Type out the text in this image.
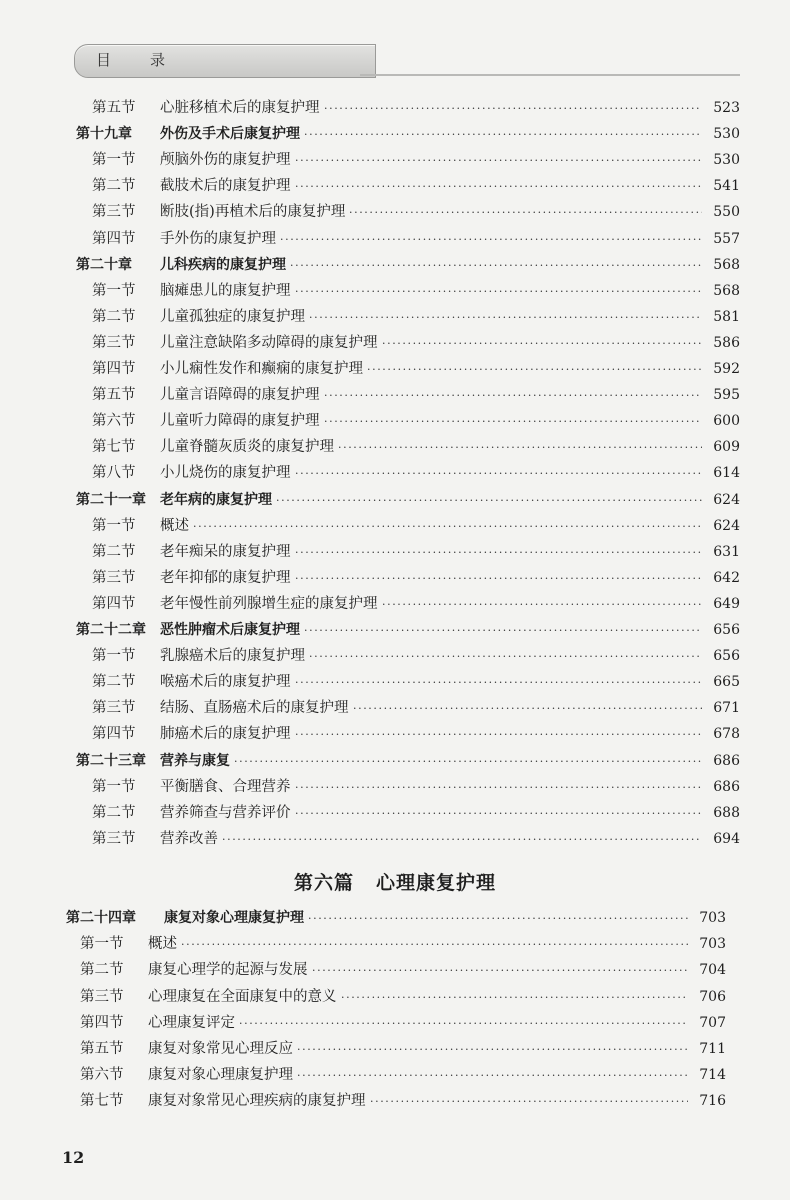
目　录
第五节 心脏移植术后的康复护理 ·····	523
第十九章 外伤及手术后康复护理 ·····	530
第一节 颅脑外伤的康复护理 ·····	530
第二节 截肢术后的康复护理 ·····	541
第三节 断肢(指)再植术后的康复护理 ·····	550
第四节 手外伤的康复护理 ·····	557
第二十章 儿科疾病的康复护理 ·····	568
第一节 脑瘫患儿的康复护理 ·····	568
第二节 儿童孤独症的康复护理 ·····	581
第三节 儿童注意缺陷多动障碍的康复护理 ·····	586
第四节 小儿痫性发作和癫痫的康复护理 ·····	592
第五节 儿童言语障碍的康复护理 ·····	595
第六节 儿童听力障碍的康复护理 ·····	600
第七节 儿童脊髓灰质炎的康复护理 ·····	609
第八节 小儿烧伤的康复护理 ·····	614
第二十一章 老年病的康复护理 ·····	624
第一节 概述 ·····	624
第二节 老年痴呆的康复护理 ·····	631
第三节 老年抑郁的康复护理 ·····	642
第四节 老年慢性前列腺增生症的康复护理 ·····	649
第二十二章 恶性肿瘤术后康复护理 ·····	656
第一节 乳腺癌术后的康复护理 ·····	656
第二节 喉癌术后的康复护理 ·····	665
第三节 结肠、直肠癌术后的康复护理 ·····	671
第四节 肺癌术后的康复护理 ·····	678
第二十三章 营养与康复 ·····	686
第一节 平衡膳食、合理营养 ·····	686
第二节 营养筛查与营养评价 ·····	688
第三节 营养改善 ·····	694
第六篇 心理康复护理
第二十四章 康复对象心理康复护理 ·····	703
第一节 概述 ·····	703
第二节 康复心理学的起源与发展 ·····	704
第三节 心理康复在全面康复中的意义 ·····	706
第四节 心理康复评定 ·····	707
第五节 康复对象常见心理反应 ·····	711
第六节 康复对象心理康复护理 ·····	714
第七节 康复对象常见心理疾病的康复护理 ·····	716
12
